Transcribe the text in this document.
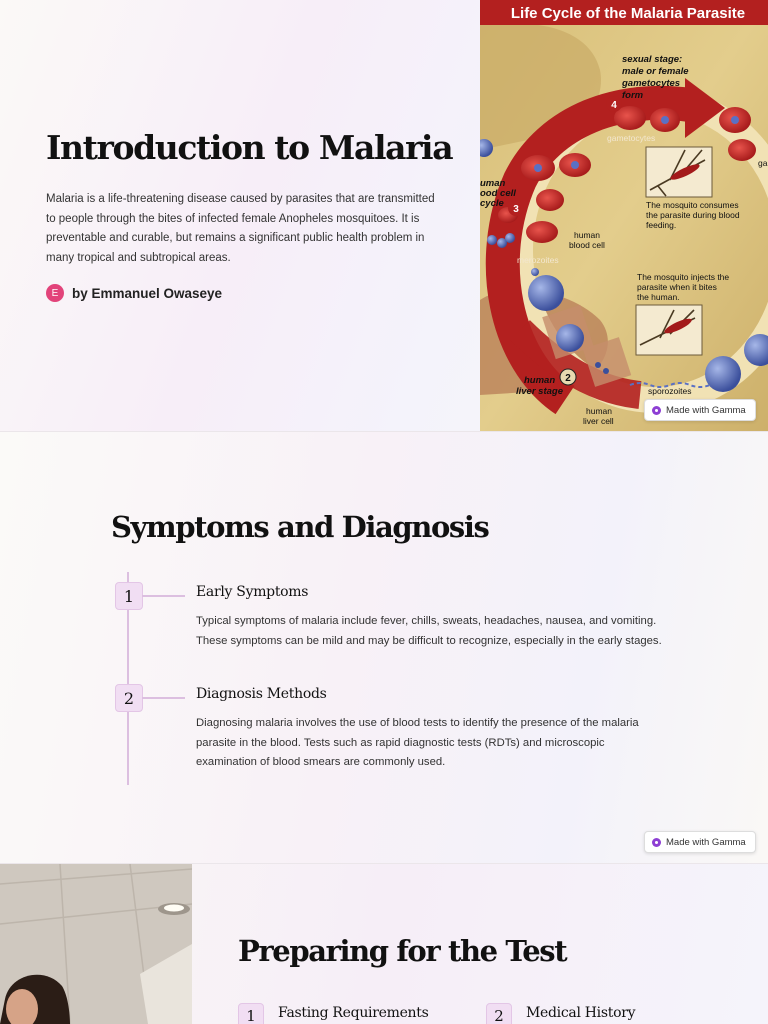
Introduction to Malaria

Malaria is a life-threatening disease caused by parasites that are transmitted to people through the bites of infected female Anopheles mosquitoes. It is preventable and curable, but remains a significant public health problem in many tropical and subtropical areas.

E	by Emmanuel Owaseye
4
3
2
Life Cycle of the Malaria Parasite
sexual stage:
male or female
gametocytes
form
uman
ood cell
cycle
human
liver stage
gametocytes
ga
human
blood cell
merozoites
The mosquito consumes
the parasite during blood
feeding.
The mosquito injects the
parasite when it bites
the human.
sporozoites
human
liver cell
Made with Gamma
Symptoms and Diagnosis
1	Early Symptoms

Typical symptoms of malaria include fever, chills, sweats, headaches, nausea, and vomiting.
These symptoms can be mild and may be difficult to recognize, especially in the early stages.

2	Diagnosis Methods

Diagnosing malaria involves the use of blood tests to identify the presence of the malaria
parasite in the blood. Tests such as rapid diagnostic tests (RDTs) and microscopic
examination of blood smears are commonly used.

Made with Gamma
Preparing for the Test
1	Fasting Requirements	2	Medical History
